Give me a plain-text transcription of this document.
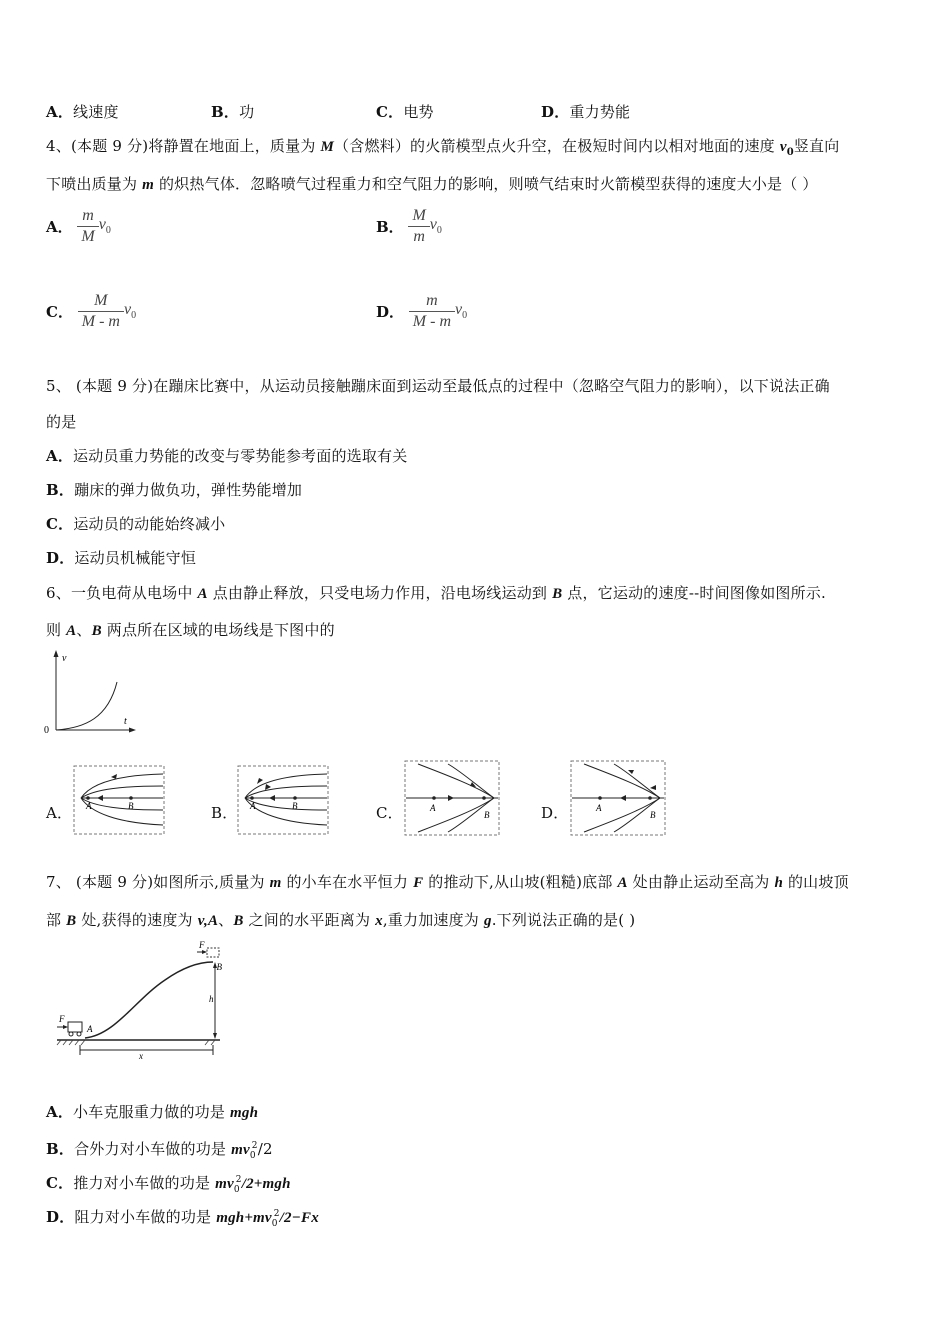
A．线速度	B．功	C．电势	D．重力势能
4、(本题 9 分)将静置在地面上，质量为 M（含燃料）的火箭模型点火升空，在极短时间内以相对地面的速度 $v_0$竖直向
下喷出质量为 m 的炽热气体．忽略喷气过程重力和空气阻力的影响，则喷气结束时火箭模型获得的速度大小是（ ）
A． $\frac{m}{M} v_0$	B． $\frac{M}{m} v_0$
C． $\frac{M}{M - m} v_0$	D． $\frac{m}{M - m} v_0$
5、 (本题 9 分)在蹦床比赛中，从运动员接触蹦床面到运动至最低点的过程中（忽略空气阻力的影响），以下说法正确
的是
A．运动员重力势能的改变与零势能参考面的选取有关
B．蹦床的弹力做负功，弹性势能增加
C．运动员的动能始终减小
D．运动员机械能守恒
6、一负电荷从电场中 A 点由静止释放，只受电场力作用，沿电场线运动到 B 点，它运动的速度--时间图像如图所示.
则 A、B 两点所在区域的电场线是下图中的
v
t
0
A． A	B	B． A	B	C．	A
B	D．	A
B
7、 (本题 9 分)如图所示,质量为 m 的小车在水平恒力 F 的推动下,从山坡(粗糙)底部 A 处由静止运动至高为 h 的山坡顶
部 B 处,获得的速度为 v,A、B 之间的水平距离为 x,重力加速度为 g.下列说法正确的是( )
F
B
h
F
A
x
A．小车克服重力做的功是 mgh
B．合外力对小车做的功是 $mv_0^2/2$
C．推力对小车做的功是 $mv_0^2/2+mgh$
D．阻力对小车做的功是 $mgh+mv_0^2/2-Fx$
